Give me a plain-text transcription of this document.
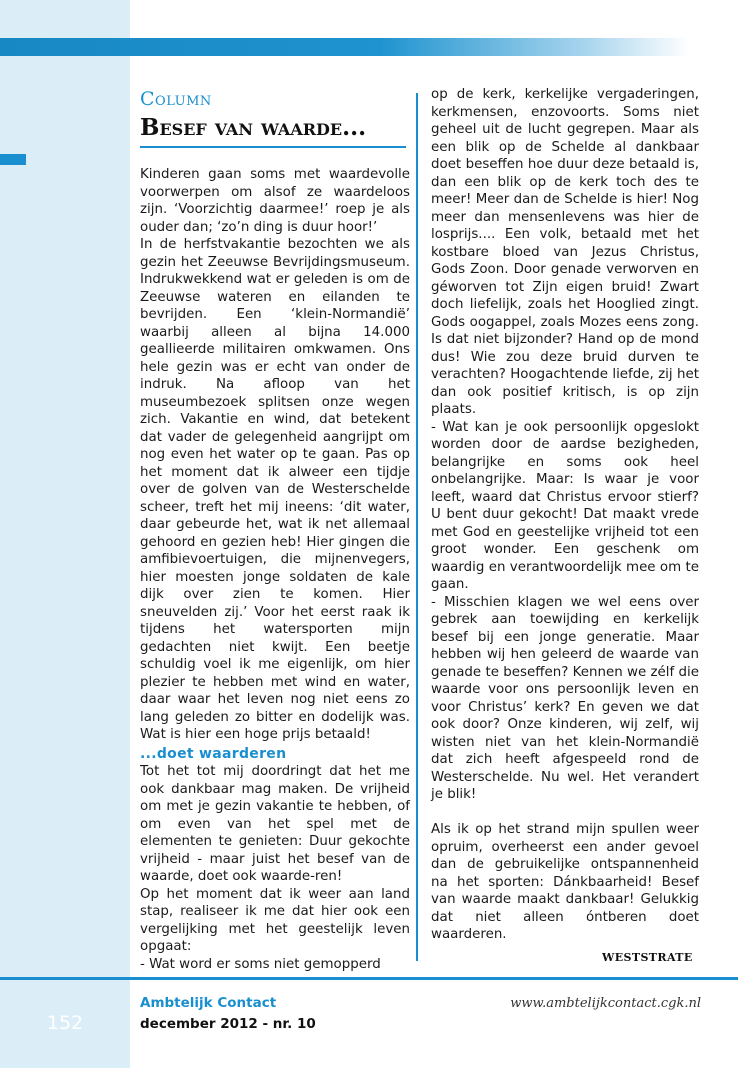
Column
Besef van waarde...

Kinderen gaan soms met waardevolle voorwerpen om alsof ze waardeloos zijn. ‘Voorzichtig daarmee!’ roep je als ouder dan; ‘zo’n ding is duur hoor!’

In de herfstvakantie bezochten we als gezin het Zeeuwse Bevrijdingsmuseum. Indrukwekkend wat er geleden is om de Zeeuwse wateren en eilanden te bevrijden. Een ‘klein-Normandië’ waarbij alleen al bijna 14.000 geallieerde militairen omkwamen. Ons hele gezin was er echt van onder de indruk. Na afloop van het museumbezoek splitsen onze wegen zich. Vakantie en wind, dat betekent dat vader de gelegenheid aangrijpt om nog even het water op te gaan. Pas op het moment dat ik alweer een tijdje over de golven van de Westerschelde scheer, treft het mij ineens: ‘dit water, daar gebeurde het, wat ik net allemaal gehoord en gezien heb! Hier gingen die amfibievoertuigen, die mijnenvegers, hier moesten jonge soldaten de kale dijk over zien te komen. Hier sneuvelden zij.’ Voor het eerst raak ik tijdens het watersporten mijn gedachten niet kwijt. Een beetje schuldig voel ik me eigenlijk, om hier plezier te hebben met wind en water, daar waar het leven nog niet eens zo lang geleden zo bitter en dodelijk was. Wat is hier een hoge prijs betaald!

...doet waarderen

Tot het tot mij doordringt dat het me ook dankbaar mag maken. De vrijheid om met je gezin vakantie te hebben, of om even van het spel met de elementen te genieten: Duur gekochte vrijheid - maar juist het besef van de waarde, doet ook waarde-ren!

Op het moment dat ik weer aan land stap, realiseer ik me dat hier ook een vergelijking met het geestelijk leven opgaat:

- Wat word er soms niet gemopperd

op de kerk, kerkelijke vergaderingen, kerkmensen, enzovoorts. Soms niet geheel uit de lucht gegrepen. Maar als een blik op de Schelde al dankbaar doet beseffen hoe duur deze betaald is, dan een blik op de kerk toch des te meer! Meer dan de Schelde is hier! Nog meer dan mensenlevens was hier de losprijs.... Een volk, betaald met het kostbare bloed van Jezus Christus, Gods Zoon. Door genade verworven en géworven tot Zijn eigen bruid! Zwart doch liefelijk, zoals het Hooglied zingt. Gods oogappel, zoals Mozes eens zong. Is dat niet bijzonder? Hand op de mond dus! Wie zou deze bruid durven te verachten? Hoogachtende liefde, zij het dan ook positief kritisch, is op zijn plaats.

- Wat kan je ook persoonlijk opgeslokt worden door de aardse bezigheden, belangrijke en soms ook heel onbelangrijke. Maar: Is waar je voor leeft, waard dat Christus ervoor stierf? U bent duur gekocht! Dat maakt vrede met God en geestelijke vrijheid tot een groot wonder. Een geschenk om waardig en verantwoordelijk mee om te gaan.

- Misschien klagen we wel eens over gebrek aan toewijding en kerkelijk besef bij een jonge generatie. Maar hebben wij hen geleerd de waarde van genade te beseffen? Kennen we zélf die waarde voor ons persoonlijk leven en voor Christus’ kerk? En geven we dat ook door? Onze kinderen, wij zelf, wij wisten niet van het klein-Normandië dat zich heeft afgespeeld rond de Westerschelde. Nu wel. Het verandert je blik!

Als ik op het strand mijn spullen weer opruim, overheerst een ander gevoel dan de gebruikelijke ontspannenheid na het sporten: Dánkbaarheid! Besef van waarde maakt dankbaar! Gelukkig dat niet alleen óntberen doet waarderen.

WESTSTRATE
152
Ambtelijk Contact
december 2012 - nr. 10
www.ambtelijkcontact.cgk.nl
